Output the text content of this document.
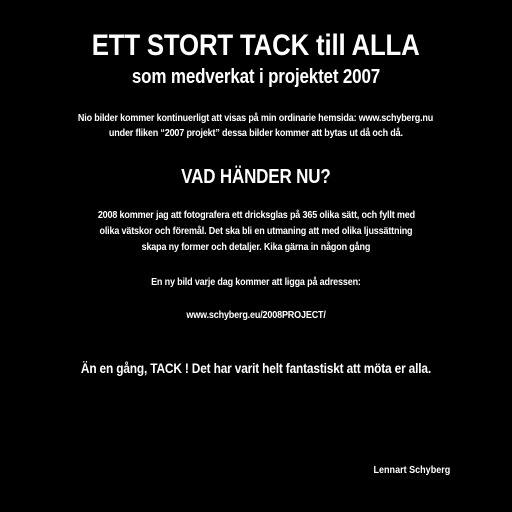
ETT STORT TACK till ALLA
som medverkat i projektet 2007
Nio bilder kommer kontinuerligt att visas på min ordinarie hemsida: www.schyberg.nu
under fliken “2007 projekt” dessa bilder kommer att bytas ut då och då.
VAD HÄNDER NU?
2008 kommer jag att fotografera ett dricksglas på 365 olika sätt, och fyllt med
olika vätskor och föremål. Det ska bli en utmaning att med olika ljussättning
skapa ny former och detaljer. Kika gärna in någon gång
En ny bild varje dag kommer att ligga på adressen:
www.schyberg.eu/2008PROJECT/
Än en gång, TACK ! Det har varit helt fantastiskt att möta er alla.
Lennart Schyberg
